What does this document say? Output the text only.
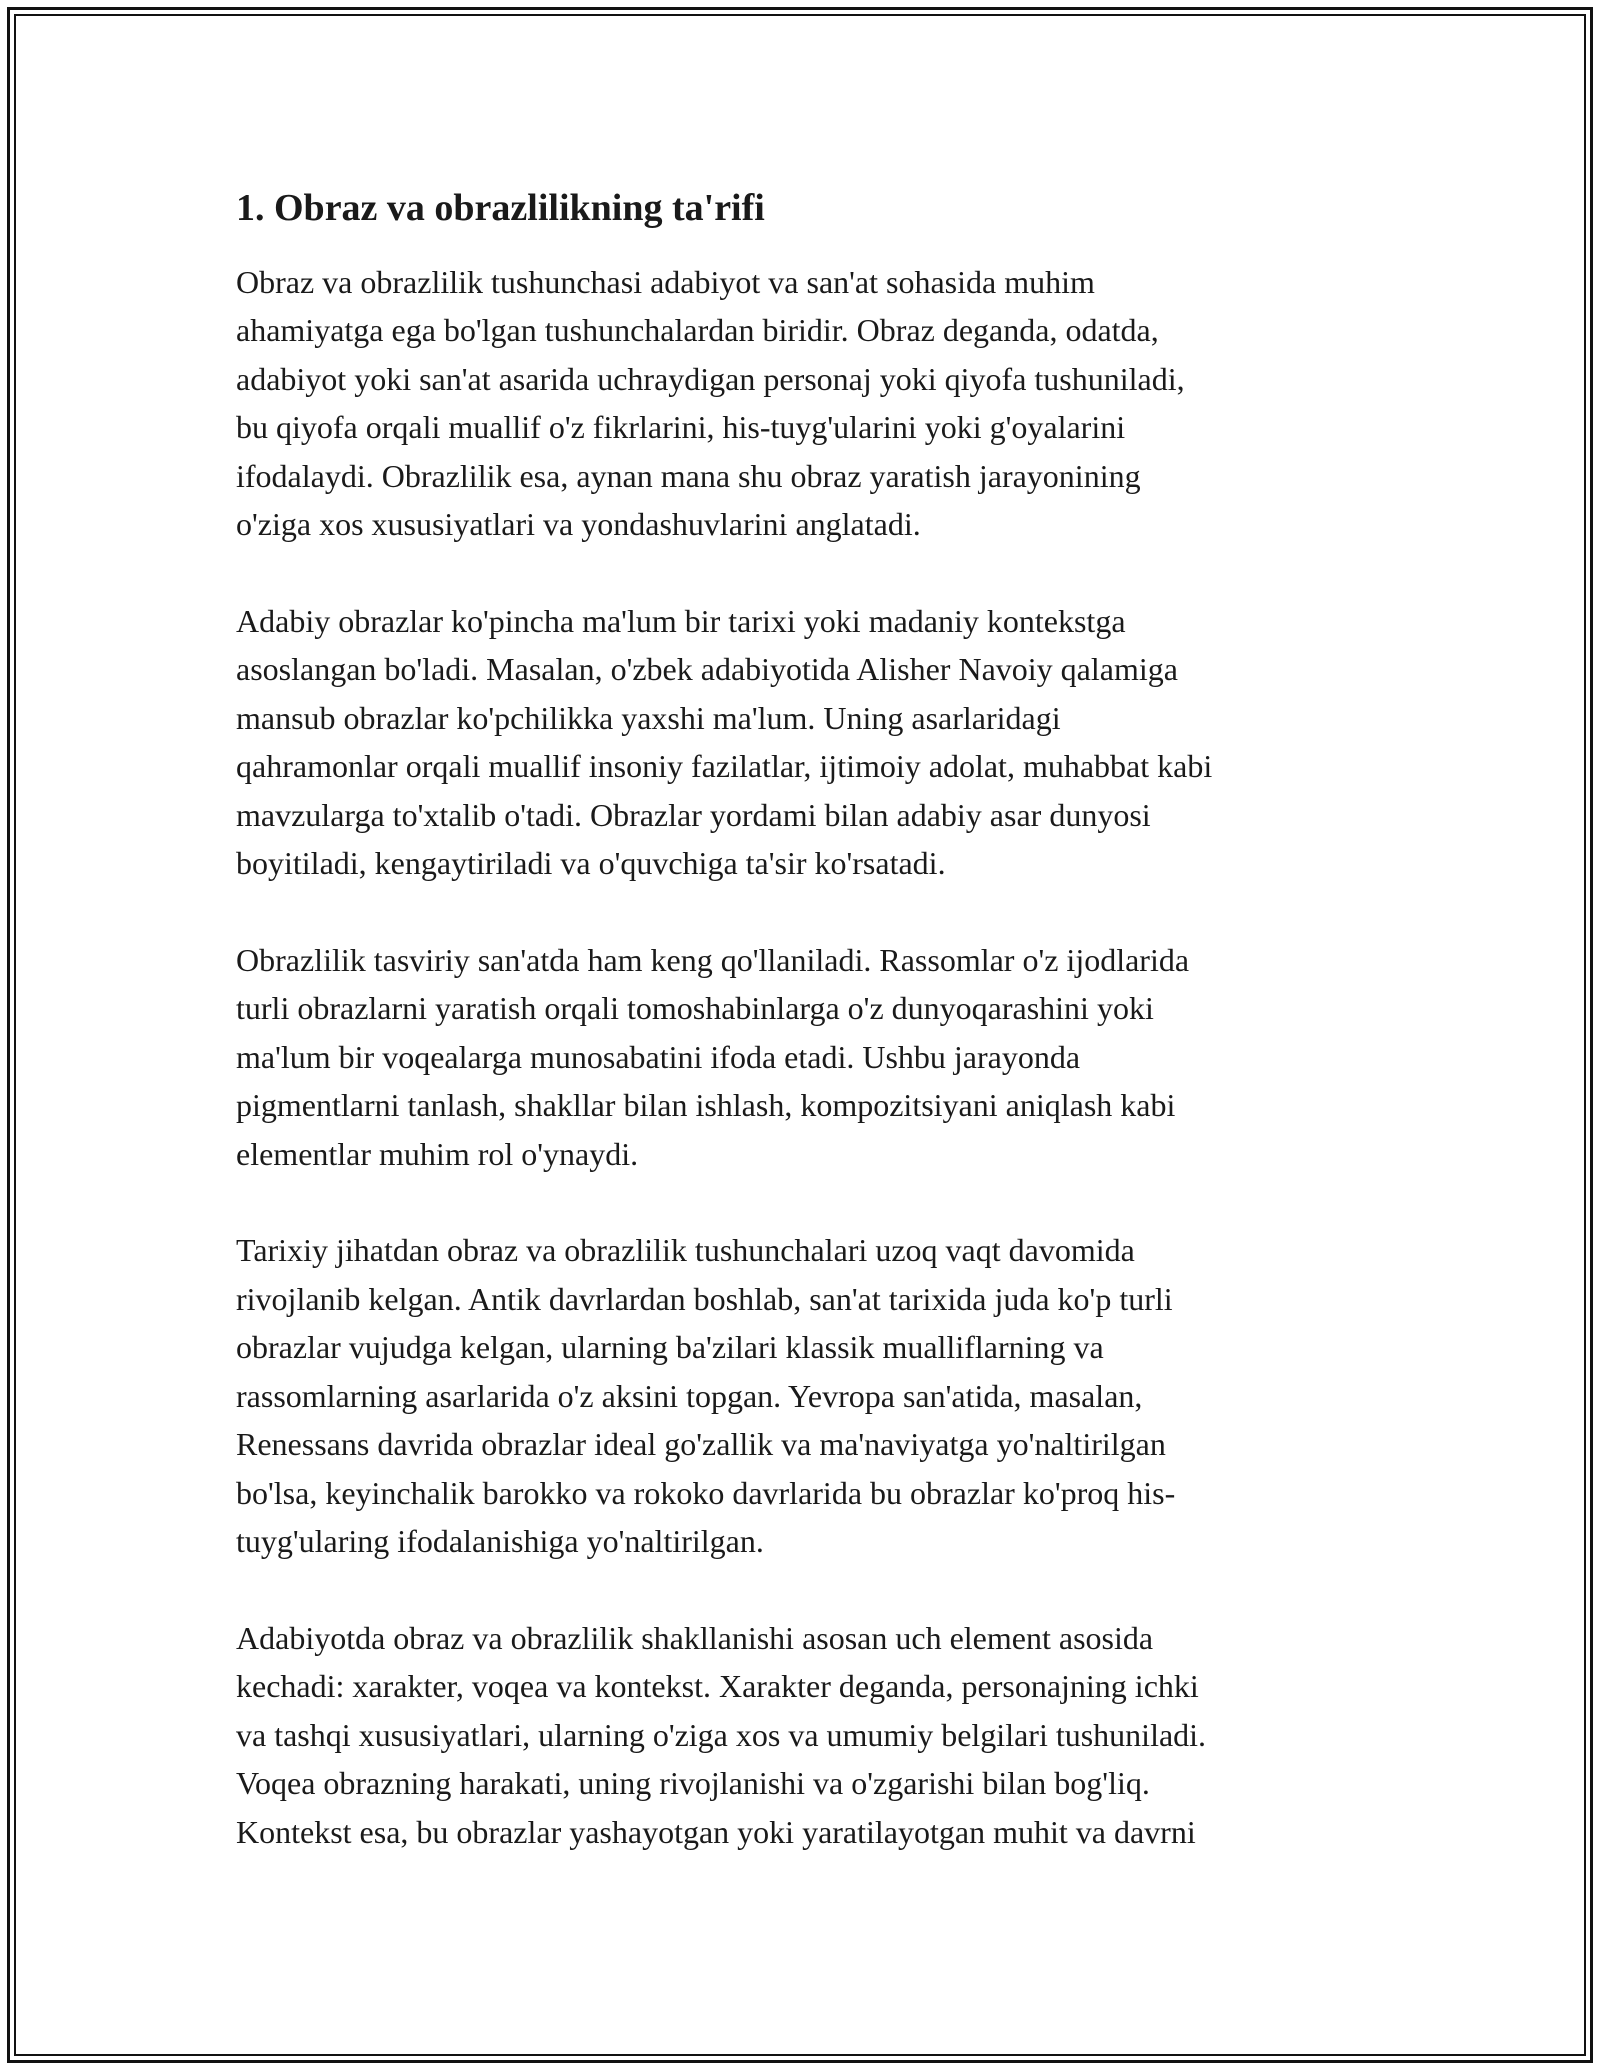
1. Obraz va obrazlilikning ta'rifi
Obraz va obrazlilik tushunchasi adabiyot va san'at sohasida muhim
ahamiyatga ega bo'lgan tushunchalardan biridir. Obraz deganda, odatda,
adabiyot yoki san'at asarida uchraydigan personaj yoki qiyofa tushuniladi,
bu qiyofa orqali muallif o'z fikrlarini, his-tuyg'ularini yoki g'oyalarini
ifodalaydi. Obrazlilik esa, aynan mana shu obraz yaratish jarayonining
o'ziga xos xususiyatlari va yondashuvlarini anglatadi.
Adabiy obrazlar ko'pincha ma'lum bir tarixi yoki madaniy kontekstga
asoslangan bo'ladi. Masalan, o'zbek adabiyotida Alisher Navoiy qalamiga
mansub obrazlar ko'pchilikka yaxshi ma'lum. Uning asarlaridagi
qahramonlar orqali muallif insoniy fazilatlar, ijtimoiy adolat, muhabbat kabi
mavzularga to'xtalib o'tadi. Obrazlar yordami bilan adabiy asar dunyosi
boyitiladi, kengaytiriladi va o'quvchiga ta'sir ko'rsatadi.
Obrazlilik tasviriy san'atda ham keng qo'llaniladi. Rassomlar o'z ijodlarida
turli obrazlarni yaratish orqali tomoshabinlarga o'z dunyoqarashini yoki
ma'lum bir voqealarga munosabatini ifoda etadi. Ushbu jarayonda
pigmentlarni tanlash, shakllar bilan ishlash, kompozitsiyani aniqlash kabi
elementlar muhim rol o'ynaydi.
Tarixiy jihatdan obraz va obrazlilik tushunchalari uzoq vaqt davomida
rivojlanib kelgan. Antik davrlardan boshlab, san'at tarixida juda ko'p turli
obrazlar vujudga kelgan, ularning ba'zilari klassik mualliflarning va
rassomlarning asarlarida o'z aksini topgan. Yevropa san'atida, masalan,
Renessans davrida obrazlar ideal go'zallik va ma'naviyatga yo'naltirilgan
bo'lsa, keyinchalik barokko va rokoko davrlarida bu obrazlar ko'proq his-
tuyg'ularing ifodalanishiga yo'naltirilgan.
Adabiyotda obraz va obrazlilik shakllanishi asosan uch element asosida
kechadi: xarakter, voqea va kontekst. Xarakter deganda, personajning ichki
va tashqi xususiyatlari, ularning o'ziga xos va umumiy belgilari tushuniladi.
Voqea obrazning harakati, uning rivojlanishi va o'zgarishi bilan bog'liq.
Kontekst esa, bu obrazlar yashayotgan yoki yaratilayotgan muhit va davrni
